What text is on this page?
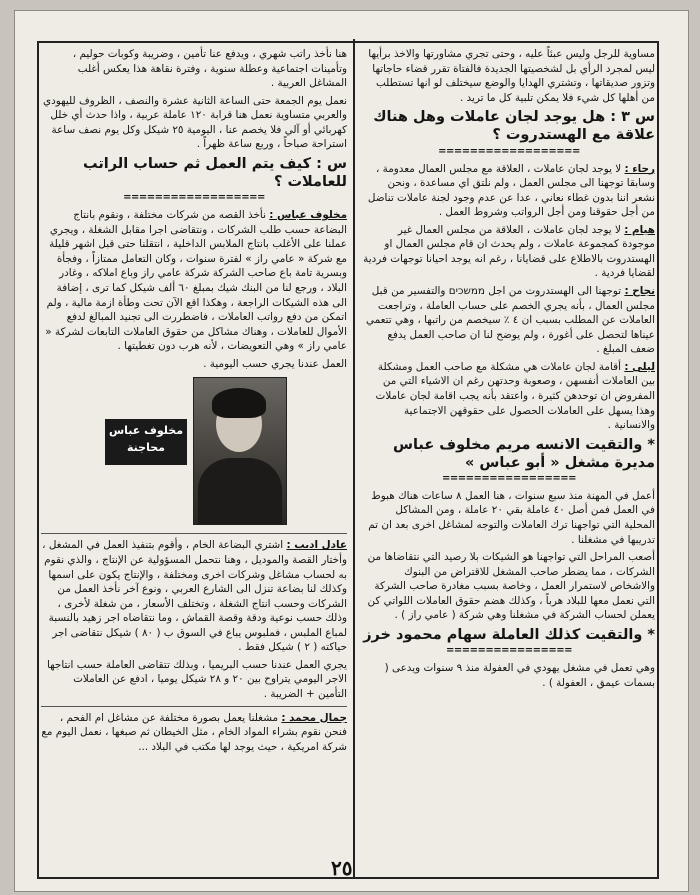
مساوية للرجل وليس عبئاً عليه ، وحتى تجري مشاورتها والاخذ برأيها ليس لمجرد الرأي بل لشخصيتها الجديدة فالفتاة تقرر قضاء حاجاتها وتزور صديقاتها ، وتشتري الهدايا والوضع سيختلف لو انها تستطلب من أهلها كل شيء فلا يمكن تلبية كل ما تريد .

س ٣ : هل يوجد لجان عاملات وهل هناك علاقة مع الهستدروت ؟
==================

رجاء : لا يوجد لجان عاملات ، العلاقة مع مجلس العمال معدومة ، وسابقا توجهنا الى مجلس العمل ، ولم نلتق اي مساعدة ، ونحن نشعر اننا بدون غطاء نعاني ، عدا عن عدم وجود لجنة عاملات تناضل من أجل حقوقنا ومن أجل الرواتب وشروط العمل .

هيام : لا يوجد لجان عاملات ، العلاقة من مجلس العمال غير موجودة كمجموعة عاملات ، ولم يحدث ان قام مجلس العمال او الهستدروت بالاطلاع على قضايانا ، رغم انه يوجد احيانا توجهات فردية لقضايا فردية .

نجاح : توجهنا الى الهستدروت من اجل ממשכים والتفسير من قبل مجلس العمال ، بأنه يجري الخصم على حساب العاملة ، وتراجعت العاملات عن المطلب بسبب ان ٤ ٪ سيخصم من راتبها ، وهي تتعمي عيناها لتحصل على أغورة ، ولم يوضح لنا ان صاحب العمل يدفع ضعف المبلغ .

ليلى : أقامة لجان عاملات هي مشكلة مع صاحب العمل ومشكلة بين العاملات أنفسهن ، وصعوبة وحدتهن رغم ان الاشياء التي من المفروض ان توحدهن كثيرة ، واعتقد بأنه يجب اقامة لجان عاملات وهذا يسهل على العاملات الحصول على حقوقهن الاجتماعية والانسانية .

* والتقيت الانسه مريم مخلوف عباس مديرة مشغل « أبو عباس »
=================

أعمل في المهنة منذ سبع سنوات ، هنا العمل ٨ ساعات هناك هبوط في العمل فمن أصل ٤٠ عاملة بقي ٢٠ عاملة ، ومن المشاكل المحلية التي تواجهنا ترك العاملات والتوجه لمشاغل اخرى بعد ان تم تدريبها في مشغلنا .

أصعب المراحل التي تواجهنا هو الشيكات بلا رصيد التي نتقاضاها من الشركات ، مما يضطر صاحب المشغل للاقتراض من البنوك والاشخاص لاستمرار العمل ، وخاصة بسبب مغادرة صاحب الشركة التي نعمل معها للبلاد هرباً ، وكذلك هضم حقوق العاملات اللواتي كن يعملن لحساب الشركة في مشغلنا وهي شركة ( عامي راز ) .

* والتقيت كذلك العاملة سهام محمود خرز
================

وهي تعمل في مشغل يهودي في العفولة منذ ٩ سنوات ويدعى ( بسمات عيمق ، العفولة ) .

هنا نأخذ راتب شهري ، ويدفع عنا تأمين ، وضريبة وكوبات حوليم ، وتأمينات اجتماعية وعطلة سنوية ، وفترة نقاهة هذا يعكس أغلب المشاغل العربية .

نعمل يوم الجمعة حتى الساعة الثانية عشرة والنصف ، الظروف لليهودي والعربي متساوية نعمل هنا قرابة ١٢٠ عاملة عربية ، واذا حدث أي خلل كهربائي أو آلي فلا يخصم عنا ، اليومية ٢٥ شيكل وكل يوم نصف ساعة استراحة صباحاً ، وربع ساعة ظهراً .

س : كيف يتم العمل ثم حساب الراتب للعاملات ؟
==================

مخلوف عباس : نأخذ القصه من شركات مختلفة ، ونقوم بانتاج البضاعة حسب طلب الشركات ، ونتقاضى اجرا مقابل الشغلة ، ويجري عملنا على الأغلب بانتاج الملابس الداخلية ، انتقلنا حتى قبل اشهر قليلة مع شركة « عامي راز » لفترة سنوات ، وكان التعامل ممتازاً ، وفجأة وبسرية تامة باع صاحب الشركة شركة عامي راز وباع املاكه ، وغادر البلاد ، ورجع لنا من البنك شيك بمبلغ ٦٠ ألف شيكل كما ترى ، إضافة الى هذه الشيكات الراجعة ، وهكذا اقع الآن تحت وطأة ازمة مالية ، ولم اتمكن من دفع رواتب العاملات ، فاضطررت الى تجنيد المبالغ لدفع الأموال للعاملات ، وهناك مشاكل من حقوق العاملات التابعات لشركة « عامي راز » وهي التعويضات ، لأنه هرب دون تغطيتها .

العمل عندنا يجري حسب اليومية .

مخلوف عباس
محاجنة

عادل اديب : اشتري البضاعة الخام ، وأقوم بتنفيذ العمل في المشغل ، وأختار القصة والموديل ، وهنا نتحمل المسؤولية عن الإنتاج ، والذي نقوم به لحساب مشاغل وشركات اخرى ومختلفة ، والإنتاج يكون على اسمها وكذلك لنا بضاعة تنزل الى الشارع العربي ، ونوع آخر نأخذ العمل من الشركات وحسب انتاج الشغلة ، وتختلف الأسعار ، من شغلة لأخرى ، وذلك حسب نوعية ودقة وقصة القماش ، وما نتقاضاه اجر زهيد بالنسبة لمباع الملبس ، فملبوس يباع في السوق ب ( ٨٠ ) شيكل نتقاضى اجر حياكته ( ٢ ) شيكل فقط .

يجري العمل عندنا حسب البريميا ، وبذلك تتقاضى العاملة حسب انتاجها الاجر اليومي يتراوح بين ٢٠ و ٢٨ شيكل يوميا ، ادفع عن العاملات التأمين + الضريبة .

جمال محمد : مشغلنا يعمل بصورة مختلفة عن مشاغل ام الفحم ، فنحن نقوم بشراء المواد الخام ، مثل الخيطان ثم صبغها ، نعمل اليوم مع شركة امريكية ، حيث يوجد لها مكتب في البلاد ...

٢٥
